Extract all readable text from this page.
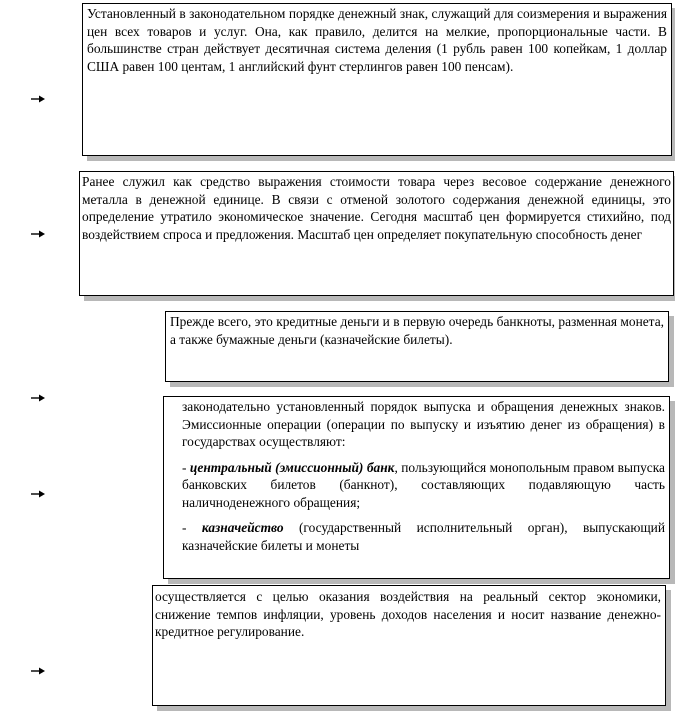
Установленный в законодательном порядке денежный знак, служащий для соизмерения и выражения цен всех товаров и услуг. Она, как правило, делится на мелкие, пропорциональные части. В большинстве стран действует десятичная система деления (1 рубль равен 100 копейкам, 1 доллар США равен 100 центам, 1 английский фунт стерлингов равен 100 пенсам).
Ранее служил как средство выражения стоимости товара через весовое содержание денежного металла в денежной единице. В связи с отменой золотого содержания денежной единицы, это определение утратило экономическое значение. Сегодня масштаб цен формируется стихийно, под воздействием спроса и предложения. Масштаб цен определяет покупательную способность денег
Прежде всего, это кредитные деньги и в первую очередь банкноты, разменная монета, а также бумажные деньги (казначейские билеты).

законодательно установленный порядок выпуска и обращения денежных знаков. Эмиссионные операции (операции по выпуску и изъятию денег из обращения) в государствах осуществляют:

- центральный (эмиссионный) банк, пользующийся монопольным правом выпуска банковских билетов (банкнот), составляющих подавляющую часть наличноденежного обращения;

- казначейство (государственный исполнительный орган), выпускающий казначейские билеты и монеты

осуществляется с целью оказания воздействия на реальный сектор экономики, снижение темпов инфляции, уровень доходов населения и носит название денежно-кредитное регулирование.
